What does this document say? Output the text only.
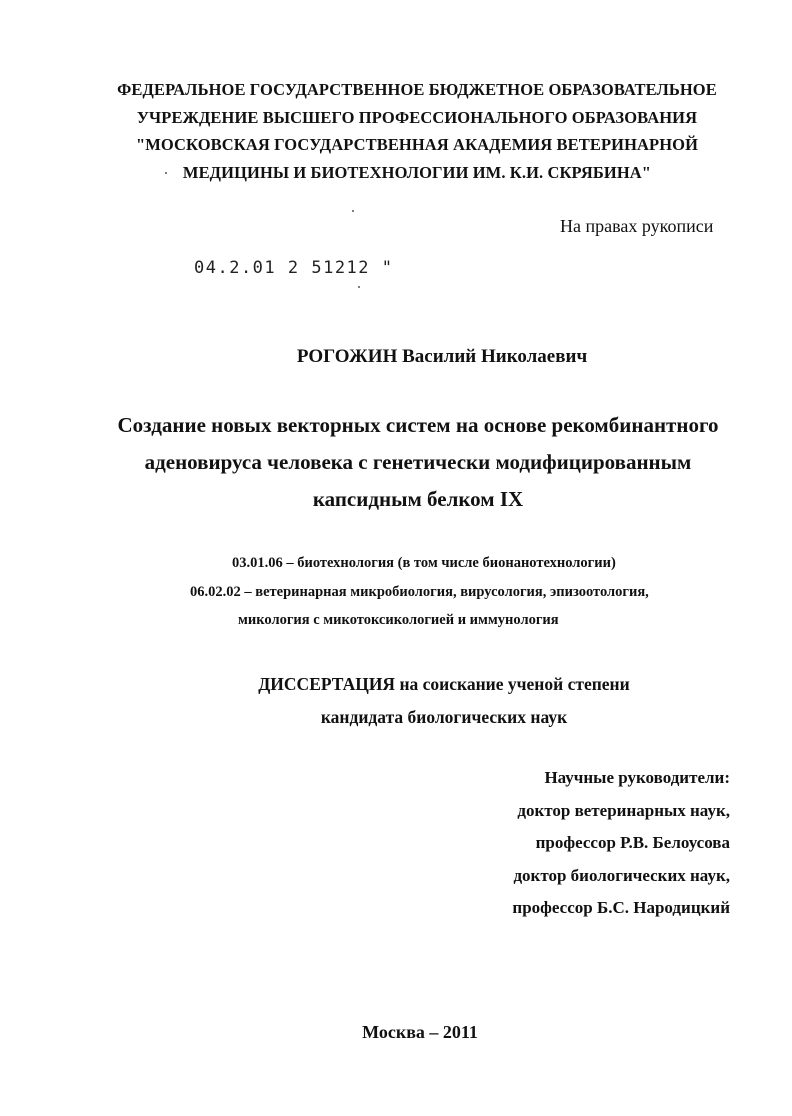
ФЕДЕРАЛЬНОЕ ГОСУДАРСТВЕННОЕ БЮДЖЕТНОЕ ОБРАЗОВАТЕЛЬНОЕ
УЧРЕЖДЕНИЕ ВЫСШЕГО ПРОФЕССИОНАЛЬНОГО ОБРАЗОВАНИЯ
"МОСКОВСКАЯ ГОСУДАРСТВЕННАЯ АКАДЕМИЯ ВЕТЕРИНАРНОЙ
МЕДИЦИНЫ И БИОТЕХНОЛОГИИ ИМ. К.И. СКРЯБИНА"
На правах рукописи
04.2.01 2 51212 "
РОГОЖИН Василий Николаевич
Создание новых векторных систем на основе рекомбинантного
аденовируса человека с генетически модифицированным
капсидным белком IX
03.01.06 – биотехнология (в том числе бионанотехнологии)
06.02.02 – ветеринарная микробиология, вирусология, эпизоотология,
микология с микотоксикологией и иммунология
ДИССЕРТАЦИЯ на соискание ученой степени
кандидата биологических наук
Научные руководители:
доктор ветеринарных наук,
профессор Р.В. Белоусова
доктор биологических наук,
профессор Б.С. Народицкий
Москва – 2011
